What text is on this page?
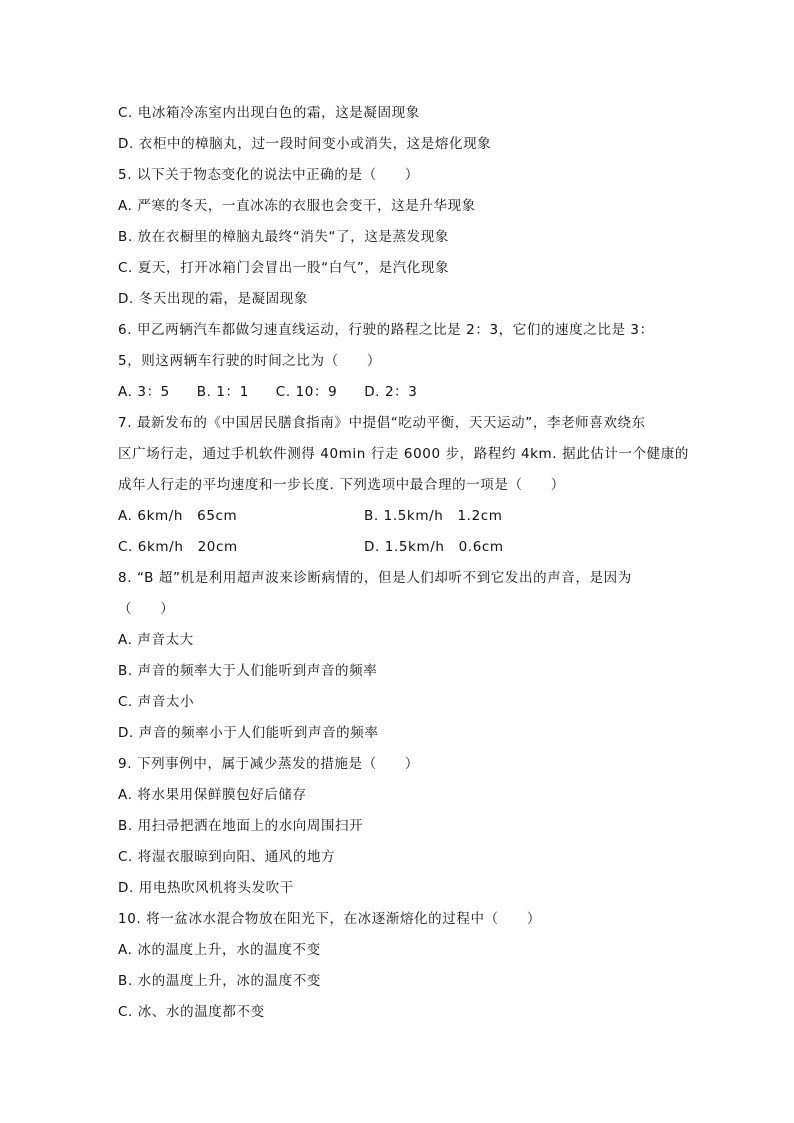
C. 电冰箱冷冻室内出现白色的霜，这是凝固现象
D. 衣柜中的樟脑丸，过一段时间变小或消失，这是熔化现象
5. 以下关于物态变化的说法中正确的是（　　）
A. 严寒的冬天，一直冰冻的衣服也会变干，这是升华现象
B. 放在衣橱里的樟脑丸最终“消失“了，这是蒸发现象
C. 夏天，打开冰箱门会冒出一股“白气”，是汽化现象
D. 冬天出现的霜，是凝固现象
6. 甲乙两辆汽车都做匀速直线运动，行驶的路程之比是 2：3，它们的速度之比是 3：
5，则这两辆车行驶的时间之比为（　　）
A. 3：5 B. 1：1 C. 10：9 D. 2：3
7. 最新发布的《中国居民膳食指南》中提倡“吃动平衡，天天运动”，李老师喜欢绕东
区广场行走，通过手机软件测得 40min 行走 6000 步，路程约 4km. 据此估计一个健康的
成年人行走的平均速度和一步长度. 下列选项中最合理的一项是（　　）
A. 6km/h　65cm	B. 1.5km/h　1.2cm
C. 6km/h　20cm	D. 1.5km/h　0.6cm
8. “B 超”机是利用超声波来诊断病情的，但是人们却听不到它发出的声音，是因为
（　　）
A. 声音太大
B. 声音的频率大于人们能听到声音的频率
C. 声音太小
D. 声音的频率小于人们能听到声音的频率
9. 下列事例中，属于减少蒸发的措施是（　　）
A. 将水果用保鲜膜包好后储存
B. 用扫帚把洒在地面上的水向周围扫开
C. 将湿衣服晾到向阳、通风的地方
D. 用电热吹风机将头发吹干
10. 将一盆冰水混合物放在阳光下，在冰逐渐熔化的过程中（　　）
A. 冰的温度上升，水的温度不变
B. 水的温度上升，冰的温度不变
C. 冰、水的温度都不变
